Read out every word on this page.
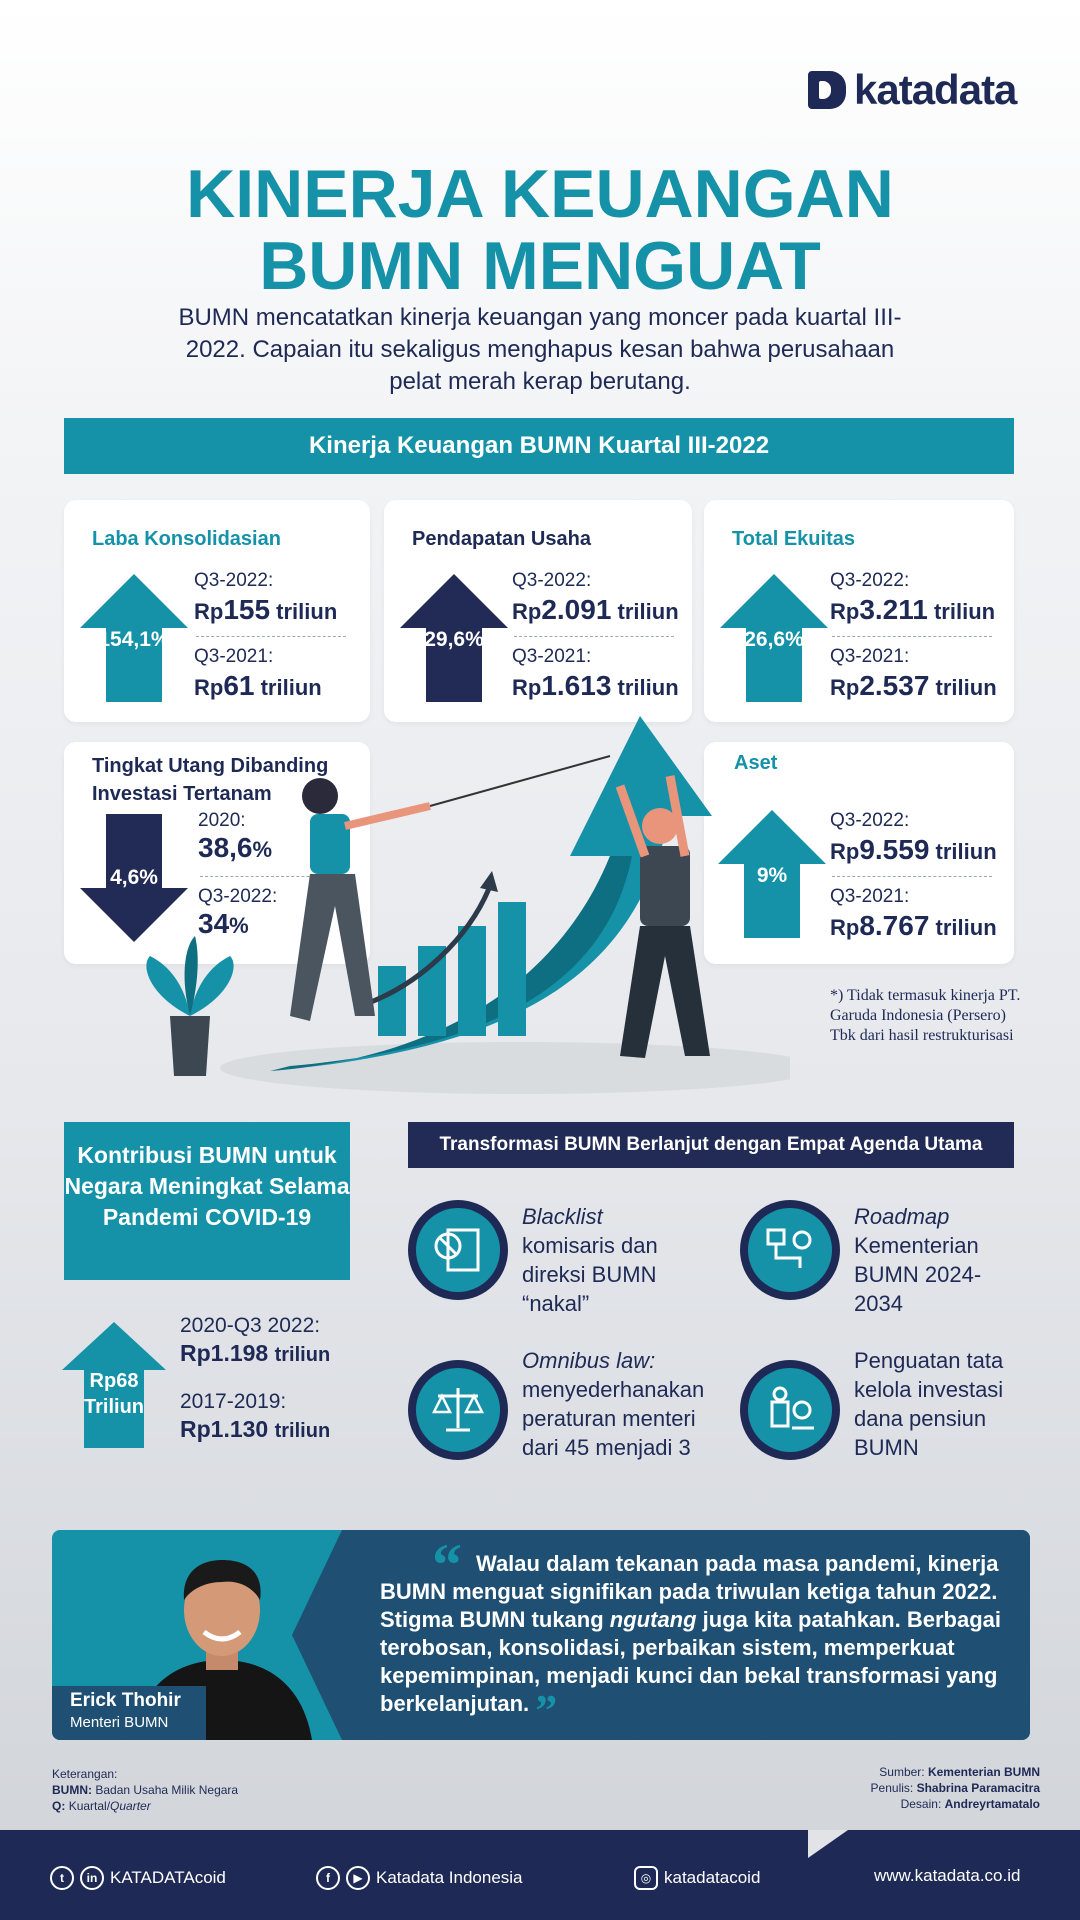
katadata
KINERJA KEUANGAN
BUMN MENGUAT
BUMN mencatatkan kinerja keuangan yang moncer pada kuartal III-2022. Capaian itu sekaligus menghapus kesan bahwa perusahaan pelat merah kerap berutang.
Kinerja Keuangan BUMN Kuartal III-2022
Laba Konsolidasian
154,1%
Q3-2022:
Rp155 triliun
Q3-2021:
Rp61 triliun
Pendapatan Usaha
29,6%
Q3-2022:
Rp2.091 triliun
Q3-2021:
Rp1.613 triliun
Total Ekuitas
26,6%
Q3-2022:
Rp3.211 triliun
Q3-2021:
Rp2.537 triliun
Tingkat Utang Dibanding
Investasi Tertanam
4,6%
2020:
38,6%
Q3-2022:
34%
Aset
9%
Q3-2022:
Rp9.559 triliun
Q3-2021:
Rp8.767 triliun
*) Tidak termasuk kinerja PT. Garuda Indonesia (Persero) Tbk dari hasil restrukturisasi
Kontribusi BUMN untuk Negara Meningkat Selama Pandemi COVID-19
Rp68
Triliun
2020-Q3 2022:
Rp1.198 triliun
2017-2019:
Rp1.130 triliun
Transformasi BUMN Berlanjut dengan Empat Agenda Utama
Blacklist
komisaris dan direksi BUMN “nakal”
Roadmap
Kementerian BUMN 2024-2034
Omnibus law:
menyederhanakan peraturan menteri dari 45 menjadi 3
Penguatan tata kelola investasi dana pensiun BUMN
Erick Thohir
Menteri BUMN
“ Walau dalam tekanan pada masa pandemi, kinerja BUMN menguat signifikan pada triwulan ketiga tahun 2022. Stigma BUMN tukang ngutang juga kita patahkan. Berbagai terobosan, konsolidasi, perbaikan sistem, memperkuat kepemimpinan, menjadi kunci dan bekal transformasi yang berkelanjutan. ”
Keterangan:
BUMN: Badan Usaha Milik Negara
Q: Kuartal/Quarter
Sumber: Kementerian BUMN
Penulis: Shabrina Paramacitra
Desain: Andreyrtamatalo
t	in KATADATAcoid	f	▶ Katadata Indonesia	◎ katadatacoid	www.katadata.co.id
